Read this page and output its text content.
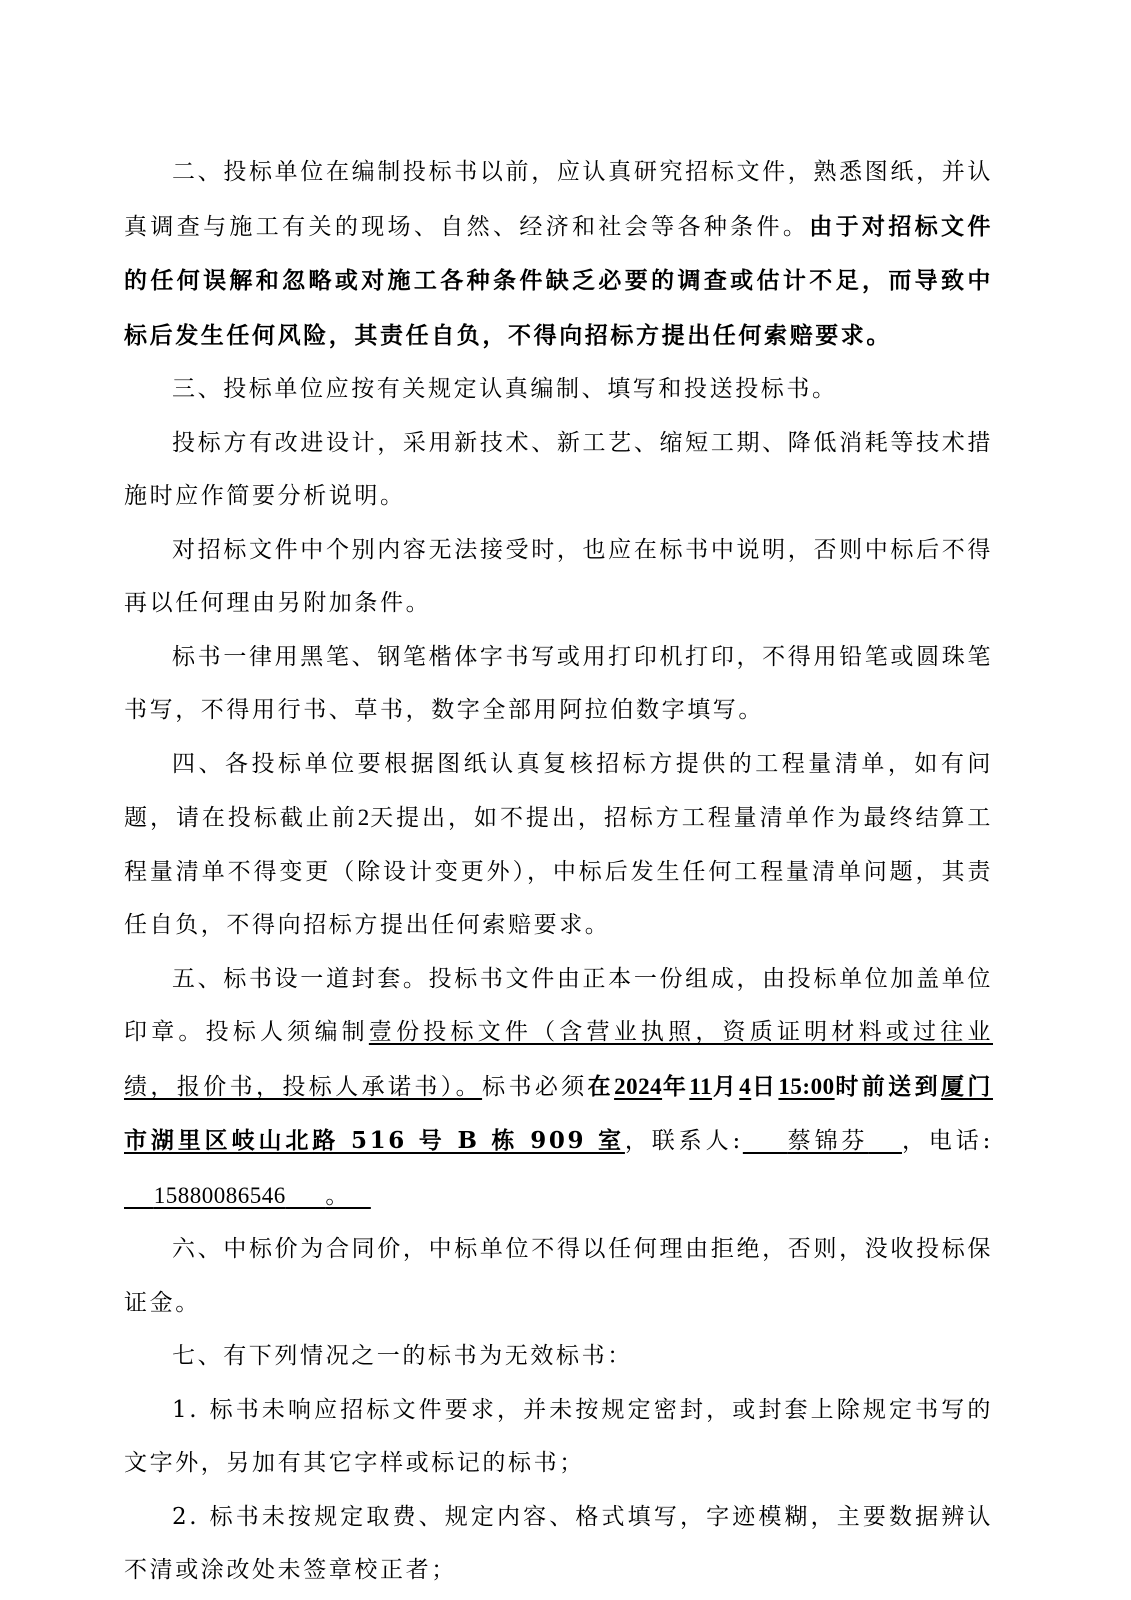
二、投标单位在编制投标书以前，应认真研究招标文件，熟悉图纸，并认真调查与施工有关的现场、自然、经济和社会等各种条件。由于对招标文件的任何误解和忽略或对施工各种条件缺乏必要的调查或估计不足，而导致中标后发生任何风险，其责任自负，不得向招标方提出任何索赔要求。

三、投标单位应按有关规定认真编制、填写和投送投标书。

投标方有改进设计，采用新技术、新工艺、缩短工期、降低消耗等技术措施时应作简要分析说明。

对招标文件中个别内容无法接受时，也应在标书中说明，否则中标后不得再以任何理由另附加条件。

标书一律用黑笔、钢笔楷体字书写或用打印机打印，不得用铅笔或圆珠笔书写，不得用行书、草书，数字全部用阿拉伯数字填写。

四、各投标单位要根据图纸认真复核招标方提供的工程量清单，如有问题，请在投标截止前2天提出，如不提出，招标方工程量清单作为最终结算工程量清单不得变更（除设计变更外），中标后发生任何工程量清单问题，其责任自负，不得向招标方提出任何索赔要求。

五、标书设一道封套。投标书文件由正本一份组成，由投标单位加盖单位印章。投标人须编制壹份投标文件（含营业执照，资质证明材料或过往业绩，报价书，投标人承诺书）。标书必须在2024年11月4日15:00时前送到厦门市湖里区岐山北路 516 号 B 栋 909 室，联系人: 蔡锦芬 ，电话:    15880086546 。

六、中标价为合同价，中标单位不得以任何理由拒绝，否则，没收投标保证金。

七、有下列情况之一的标书为无效标书：

1. 标书未响应招标文件要求，并未按规定密封，或封套上除规定书写的文字外，另加有其它字样或标记的标书；

2. 标书未按规定取费、规定内容、格式填写，字迹模糊，主要数据辨认不清或涂改处未签章校正者；
